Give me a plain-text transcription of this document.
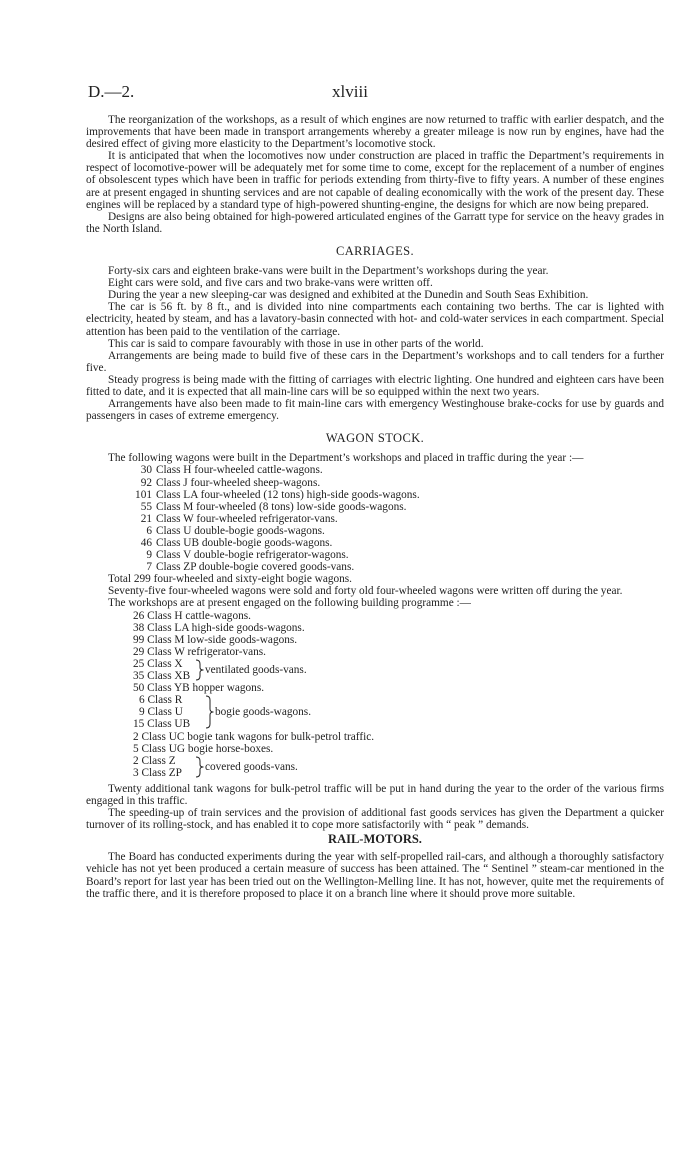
D.—2.	xlviii

The reorganization of the workshops, as a result of which engines are now returned to traffic with earlier despatch, and the improvements that have been made in transport arrangements whereby a greater mileage is now run by engines, have had the desired effect of giving more elasticity to the Department’s locomotive stock.

It is anticipated that when the locomotives now under construction are placed in traffic the Department’s requirements in respect of locomotive-power will be adequately met for some time to come, except for the replacement of a number of engines of obsolescent types which have been in traffic for periods extending from thirty-five to fifty years. A number of these engines are at present engaged in shunting services and are not capable of dealing economically with the work of the present day. These engines will be replaced by a standard type of high-powered shunting-engine, the designs for which are now being prepared.

Designs are also being obtained for high-powered articulated engines of the Garratt type for service on the heavy grades in the North Island.

CARRIAGES.

Forty-six cars and eighteen brake-vans were built in the Department’s workshops during the year.

Eight cars were sold, and five cars and two brake-vans were written off.

During the year a new sleeping-car was designed and exhibited at the Dunedin and South Seas Exhibition.

The car is 56 ft. by 8 ft., and is divided into nine compartments each containing two berths. The car is lighted with electricity, heated by steam, and has a lavatory-basin connected with hot- and cold-water services in each compartment. Special attention has been paid to the ventilation of the carriage.

This car is said to compare favourably with those in use in other parts of the world.

Arrangements are being made to build five of these cars in the Department’s workshops and to call tenders for a further five.

Steady progress is being made with the fitting of carriages with electric lighting. One hundred and eighteen cars have been fitted to date, and it is expected that all main-line cars will be so equipped within the next two years.

Arrangements have also been made to fit main-line cars with emergency Westinghouse brake-cocks for use by guards and passengers in cases of extreme emergency.

WAGON STOCK.

The following wagons were built in the Department’s workshops and placed in traffic during the year :—

30 Class H four-wheeled cattle-wagons.
92 Class J four-wheeled sheep-wagons.
101 Class LA four-wheeled (12 tons) high-side goods-wagons.
55 Class M four-wheeled (8 tons) low-side goods-wagons.
21 Class W four-wheeled refrigerator-vans.
6 Class U double-bogie goods-wagons.
46 Class UB double-bogie goods-wagons.
9 Class V double-bogie refrigerator-wagons.
7 Class ZP double-bogie covered goods-vans.
Total 299 four-wheeled and sixty-eight bogie wagons.

Seventy-five four-wheeled wagons were sold and forty old four-wheeled wagons were written off during the year.

The workshops are at present engaged on the following building programme :—

26 Class H cattle-wagons.
38 Class LA high-side goods-wagons.
99 Class M low-side goods-wagons.
29 Class W refrigerator-vans.
25 Class X
35 Class XB
ventilated goods-vans.
50 Class YB hopper wagons.
6 Class R
9 Class U
15 Class UB
bogie goods-wagons.
2 Class UC bogie tank wagons for bulk-petrol traffic.
5 Class UG bogie horse-boxes.
2 Class Z
3 Class ZP
covered goods-vans.

Twenty additional tank wagons for bulk-petrol traffic will be put in hand during the year to the order of the various firms engaged in this traffic.

The speeding-up of train services and the provision of additional fast goods services has given the Department a quicker turnover of its rolling-stock, and has enabled it to cope more satisfactorily with “ peak ” demands.

RAIL-MOTORS.

The Board has conducted experiments during the year with self-propelled rail-cars, and although a thoroughly satisfactory vehicle has not yet been produced a certain measure of success has been attained. The “ Sentinel ” steam-car mentioned in the Board’s report for last year has been tried out on the Wellington-Melling line. It has not, however, quite met the requirements of the traffic there, and it is therefore proposed to place it on a branch line where it should prove more suitable.
